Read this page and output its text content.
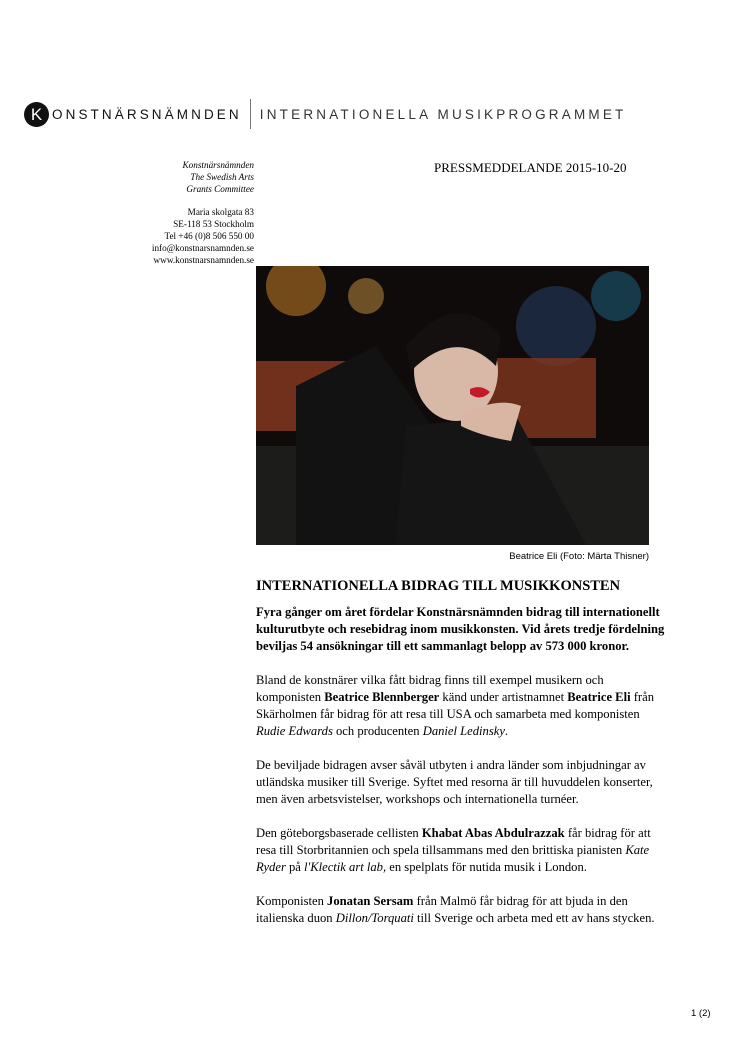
K ONSTNÄRSNÄMNDEN INTERNATIONELLA MUSIKPROGRAMMET
Konstnärsnämnden
The Swedish Arts
Grants Committee
Maria skolgata 83
SE-118 53 Stockholm
Tel +46 (0)8 506 550 00
info@konstnarsnamnden.se
www.konstnarsnamnden.se
PRESSMEDDELANDE 2015-10-20
Beatrice Eli (Foto: Märta Thisner)
INTERNATIONELLA BIDRAG TILL MUSIKKONSTEN

Fyra gånger om året fördelar Konstnärsnämnden bidrag till internationellt kulturutbyte och resebidrag inom musikkonsten. Vid årets tredje fördelning beviljas 54 ansökningar till ett sammanlagt belopp av 573 000 kronor.

Bland de konstnärer vilka fått bidrag finns till exempel musikern och komponisten Beatrice Blennberger känd under artistnamnet Beatrice Eli från Skärholmen får bidrag för att resa till USA och samarbeta med komponisten Rudie Edwards och producenten Daniel Ledinsky.

De beviljade bidragen avser såväl utbyten i andra länder som inbjudningar av utländska musiker till Sverige. Syftet med resorna är till huvuddelen konserter, men även arbetsvistelser, workshops och internationella turnéer.

Den göteborgsbaserade cellisten Khabat Abas Abdulrazzak får bidrag för att resa till Storbritannien och spela tillsammans med den brittiska pianisten Kate Ryder på l'Klectik art lab, en spelplats för nutida musik i London.

Komponisten Jonatan Sersam från Malmö får bidrag för att bjuda in den italienska duon Dillon/Torquati till Sverige och arbeta med ett av hans stycken.

1 (2)
